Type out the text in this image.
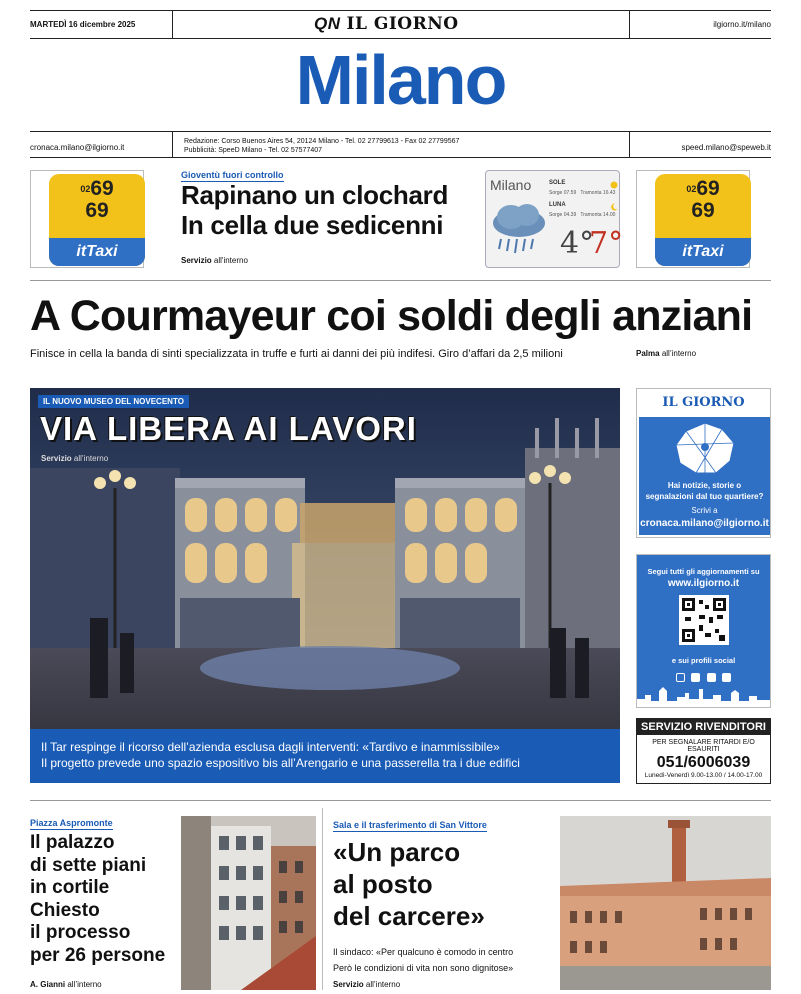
MARTEDÌ 16 dicembre 2025	QN IL GIORNO	ilgiorno.it/milano
Milano
cronaca.milano@ilgiorno.it
Redazione: Corso Buenos Aires 54, 20124 Milano - Tel. 02 27799613 - Fax 02 27799567
Pubblicità: SpeeD Milano - Tel. 02 57577407	speed.milano@speweb.it
$^{02}$69
69
itTaxi
Gioventù fuori controllo
Rapinano un clochard
In cella due sedicenni
Servizio all'interno
Milano	SOLE
Sorge 07.59 Tramonta 16.43
LUNA
Sorge 04.39 Tramonta 14.00
4°
7°
$^{02}$69
69
itTaxi
A Courmayeur coi soldi degli anziani
Finisce in cella la banda di sinti specializzata in truffe e furti ai danni dei più indifesi. Giro d’affari da 2,5 milioni	Palma all’interno
IL NUOVO MUSEO DEL NOVECENTO
VIA LIBERA AI LAVORI
Servizio all’interno
Il Tar respinge il ricorso dell’azienda esclusa dagli interventi: «Tardivo e inammissibile»
Il progetto prevede uno spazio espositivo bis all’Arengario e una passerella tra i due edifici
IL GIORNO
Hai notizie, storie o
segnalazioni dal tuo quartiere?
Scrivi a
cronaca.milano@ilgiorno.it
Segui tutti gli aggiornamenti su
www.ilgiorno.it
e sui profili social

SERVIZIO RIVENDITORI
PER SEGNALARE RITARDI E/O ESAURITI
051/6006039
Lunedì-Venerdì 9.00-13.00 / 14.00-17.00
Piazza Aspromonte
Il palazzo
di sette piani
in cortile
Chiesto
il processo
per 26 persone
A. Gianni all’interno
Sala e il trasferimento di San Vittore
«Un parco
al posto
del carcere»
Il sindaco: «Per qualcuno è comodo in centro
Però le condizioni di vita non sono dignitose»
Servizio all’interno
